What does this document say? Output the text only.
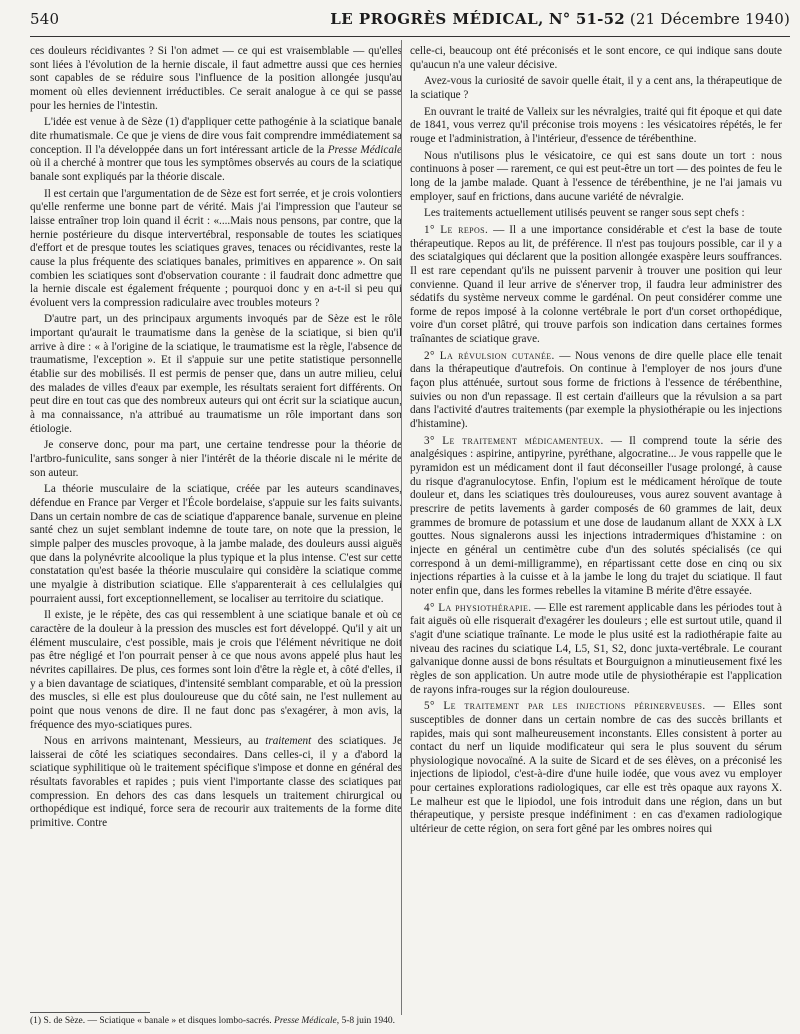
540	LE PROGRÈS MÉDICAL,
N° 51-52
(21 Décembre 1940)

ces douleurs récidivantes ? Si l'on admet — ce qui est vraisemblable — qu'elles sont liées à l'évolution de la hernie discale, il faut admettre aussi que ces hernies sont capables de se réduire sous l'influence de la position allongée jusqu'au moment où elles deviennent irréductibles. Ce serait analogue à ce qui se passe pour les hernies de l'intestin.

L'idée est venue à de Sèze (1) d'appliquer cette pathogénie à la sciatique banale dite rhumatismale. Ce que je viens de dire vous fait comprendre immédiatement sa conception. Il l'a développée dans un fort intéressant article de la Presse Médicale où il a cherché à montrer que tous les symptômes observés au cours de la sciatique banale sont expliqués par la théorie discale.

Il est certain que l'argumentation de de Sèze est fort serrée, et je crois volontiers qu'elle renferme une bonne part de vérité. Mais j'ai l'impression que l'auteur se laisse entraîner trop loin quand il écrit : «....Mais nous pensons, par contre, que la hernie postérieure du disque intervertébral, responsable de toutes les sciatiques d'effort et de presque toutes les sciatiques graves, tenaces ou récidivantes, reste la cause la plus fréquente des sciatiques banales, primitives en apparence ». On sait combien les sciatiques sont d'observation courante : il faudrait donc admettre que la hernie discale est également fréquente ; pourquoi donc y en a-t-il si peu qui évoluent vers la compression radiculaire avec troubles moteurs ?

D'autre part, un des principaux arguments invoqués par de Sèze est le rôle important qu'aurait le traumatisme dans la genèse de la sciatique, si bien qu'il arrive à dire : « à l'origine de la sciatique, le traumatisme est la règle, l'absence de traumatisme, l'exception ». Et il s'appuie sur une petite statistique personnelle établie sur des mobilisés. Il est permis de penser que, dans un autre milieu, celui des malades de villes d'eaux par exemple, les résultats seraient fort différents. On peut dire en tout cas que des nombreux auteurs qui ont écrit sur la sciatique aucun, à ma connaissance, n'a attribué au traumatisme un rôle important dans son étiologie.

Je conserve donc, pour ma part, une certaine tendresse pour la théorie de l'artbro-funiculite, sans songer à nier l'intérêt de la théorie discale ni le mérite de son auteur.

La théorie musculaire de la sciatique, créée par les auteurs scandinaves, défendue en France par Verger et l'École bordelaise, s'appuie sur les faits suivants. Dans un certain nombre de cas de sciatique d'apparence banale, survenue en pleine santé chez un sujet semblant indemne de toute tare, on note que la pression, le simple palper des muscles provoque, à la jambe malade, des douleurs aussi aiguës que dans la polynévrite alcoolique la plus typique et la plus intense. C'est sur cette constatation qu'est basée la théorie musculaire qui considère la sciatique comme une myalgie à distribution sciatique. Elle s'apparenterait à ces cellulalgies qui pourraient aussi, fort exceptionnellement, se localiser au territoire du sciatique.

Il existe, je le répète, des cas qui ressemblent à une sciatique banale et où ce caractère de la douleur à la pression des muscles est fort développé. Qu'il y ait un élément musculaire, c'est possible, mais je crois que l'élément névritique ne doit pas être négligé et l'on pourrait penser à ce que nous avons appelé plus haut les névrites capillaires. De plus, ces formes sont loin d'être la règle et, à côté d'elles, il y a bien davantage de sciatiques, d'intensité semblant comparable, et où la pression des muscles, si elle est plus douloureuse que du côté sain, ne l'est nullement au point que nous venons de dire. Il ne faut donc pas s'exagérer, à mon avis, la fréquence des myo-sciatiques pures.

Nous en arrivons maintenant, Messieurs, au traitement des sciatiques. Je laisserai de côté les sciatiques secondaires. Dans celles-ci, il y a d'abord la sciatique syphilitique où le traitement spécifique s'impose et donne en général des résultats favorables et rapides ; puis vient l'importante classe des sciatiques par compression. En dehors des cas dans lesquels un traitement chirurgical ou orthopédique est indiqué, force sera de recourir aux traitements de la forme dite primitive. Contre

celle-ci, beaucoup ont été préconisés et le sont encore, ce qui indique sans doute qu'aucun n'a une valeur décisive.

Avez-vous la curiosité de savoir quelle était, il y a cent ans, la thérapeutique de la sciatique ?

En ouvrant le traité de Valleix sur les névralgies, traité qui fit époque et qui date de 1841, vous verrez qu'il préconise trois moyens : les vésicatoires répétés, le fer rouge et l'administration, à l'intérieur, d'essence de térébenthine.

Nous n'utilisons plus le vésicatoire, ce qui est sans doute un tort : nous continuons à poser — rarement, ce qui est peut-être un tort — des pointes de feu le long de la jambe malade. Quant à l'essence de térébenthine, je ne l'ai jamais vu employer, sauf en frictions, dans aucune variété de névralgie.

Les traitements actuellement utilisés peuvent se ranger sous sept chefs :

1° Le repos. — Il a une importance considérable et c'est la base de toute thérapeutique. Repos au lit, de préférence. Il n'est pas toujours possible, car il y a des sciatalgiques qui déclarent que la position allongée exaspère leurs souffrances. Il est rare cependant qu'ils ne puissent parvenir à trouver une position qui leur convienne. Quand il leur arrive de s'énerver trop, il faudra leur administrer des sédatifs du système nerveux comme le gardénal. On peut considérer comme une forme de repos imposé à la colonne vertébrale le port d'un corset orthopédique, voire d'un corset plâtré, qui trouve parfois son indication dans certaines formes traînantes de sciatique grave.

2° La révulsion cutanée. — Nous venons de dire quelle place elle tenait dans la thérapeutique d'autrefois. On continue à l'employer de nos jours d'une façon plus atténuée, surtout sous forme de frictions à l'essence de térébenthine, suivies ou non d'un repassage. Il est certain d'ailleurs que la révulsion a sa part dans l'activité d'autres traitements (par exemple la physiothérapie ou les injections d'histamine).

3° Le traitement médicamenteux. — Il comprend toute la série des analgésiques : aspirine, antipyrine, pyréthane, algocratine... Je vous rappelle que le pyramidon est un médicament dont il faut déconseiller l'usage prolongé, à cause du risque d'agranulocytose. Enfin, l'opium est le médicament héroïque de toute douleur et, dans les sciatiques très douloureuses, vous aurez souvent avantage à prescrire de petits lavements à garder composés de 60 grammes de lait, deux grammes de bromure de potassium et une dose de laudanum allant de XXX à LX gouttes. Nous signalerons aussi les injections intradermiques d'histamine : on injecte en général un centimètre cube d'un des solutés spécialisés (ce qui correspond à un demi-milligramme), en répartissant cette dose en cinq ou six injections réparties à la cuisse et à la jambe le long du trajet du sciatique. Il faut noter enfin que, dans les formes rebelles la vitamine B mérite d'être essayée.

4° La physiothérapie. — Elle est rarement applicable dans les périodes tout à fait aiguës où elle risquerait d'exagérer les douleurs ; elle est surtout utile, quand il s'agit d'une sciatique traînante. Le mode le plus usité est la radiothérapie faite au niveau des racines du sciatique L4, L5, S1, S2, donc juxta-vertébrale. Le courant galvanique donne aussi de bons résultats et Bourguignon a minutieusement fixé les règles de son application. Un autre mode utile de physiothérapie est l'application de rayons infra-rouges sur la région douloureuse.

5° Le traitement par les injections périnerveuses. — Elles sont susceptibles de donner dans un certain nombre de cas des succès brillants et rapides, mais qui sont malheureusement inconstants. Elles consistent à porter au contact du nerf un liquide modificateur qui sera le plus souvent du sérum physiologique novocaïné. A la suite de Sicard et de ses élèves, on a préconisé les injections de lipiodol, c'est-à-dire d'une huile iodée, que vous avez vu employer pour certaines explorations radiologiques, car elle est très opaque aux rayons X. Le malheur est que le lipiodol, une fois introduit dans une région, dans un but thérapeutique, y persiste presque indéfiniment : en cas d'examen radiologique ultérieur de cette région, on sera fort gêné par les ombres noires qui

(1) S. de Sèze. — Sciatique « banale » et disques lombo-sacrés. Presse Médicale, 5-8 juin 1940.
